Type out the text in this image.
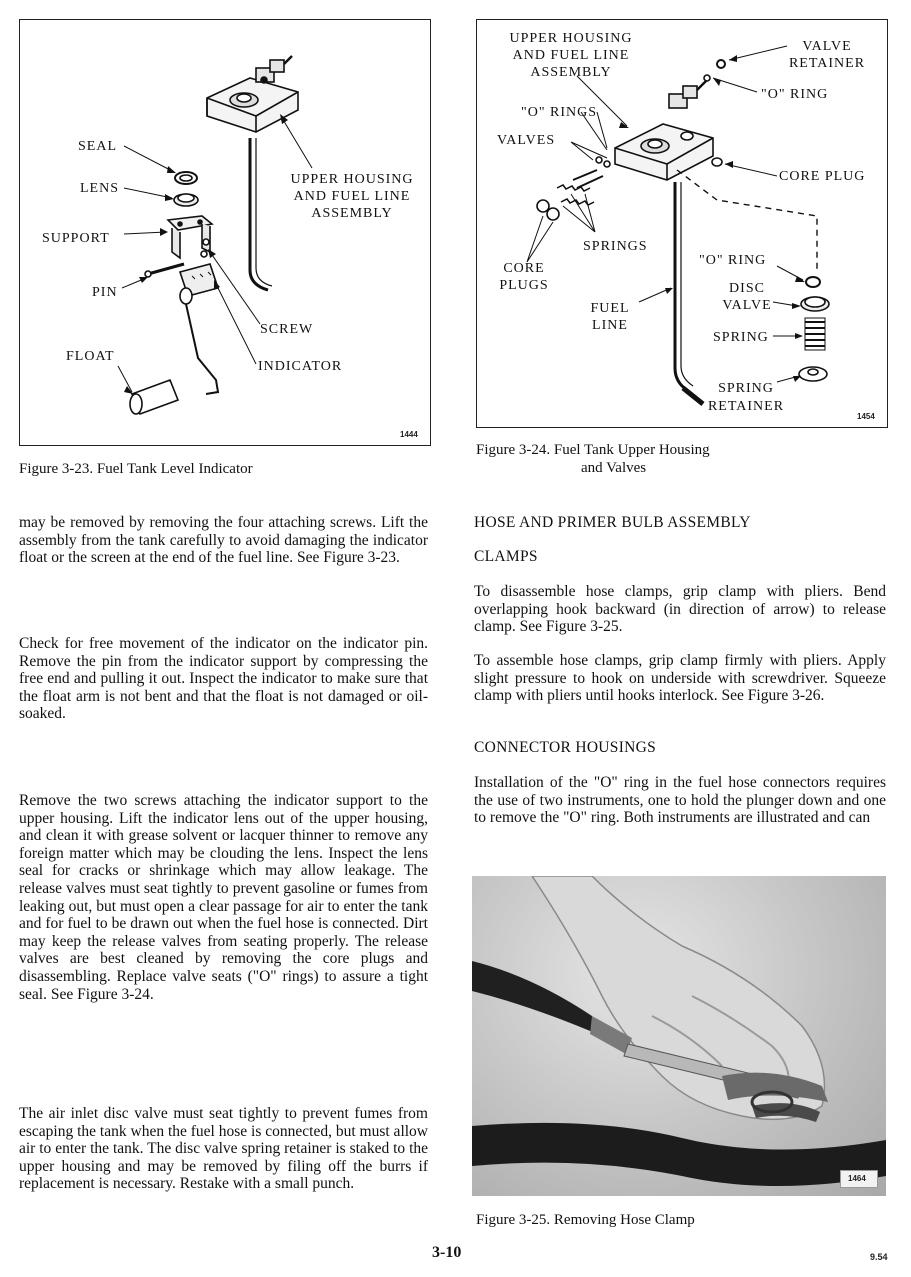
SEAL
LENS
SUPPORT
PIN
FLOAT
UPPER HOUSING
AND FUEL LINE
ASSEMBLY
SCREW
INDICATOR
1444
Figure 3-23. Fuel Tank Level Indicator
UPPER HOUSING
AND FUEL LINE
ASSEMBLY
VALVE
RETAINER
"O" RING
"O" RINGS
VALVES
CORE PLUG
SPRINGS
CORE
PLUGS
"O" RING
DISC
VALVE
FUEL
LINE
SPRING
SPRING
RETAINER
1454
Figure 3-24. Fuel Tank Upper Housing
and Valves
may be removed by removing the four attaching screws. Lift the assembly from the tank carefully to avoid damaging the indicator float or the screen at the end of the fuel line. See Figure 3-23.
Check for free movement of the indicator on the indicator pin. Remove the pin from the indicator support by compressing the free end and pulling it out. Inspect the indicator to make sure that the float arm is not bent and that the float is not damaged or oil-soaked.
Remove the two screws attaching the indicator support to the upper housing. Lift the indicator lens out of the upper housing, and clean it with grease solvent or lacquer thinner to remove any foreign matter which may be clouding the lens. Inspect the lens seal for cracks or shrinkage which may allow leakage. The release valves must seat tightly to prevent gasoline or fumes from leaking out, but must open a clear passage for air to enter the tank and for fuel to be drawn out when the fuel hose is connected. Dirt may keep the release valves from seating properly. The release valves are best cleaned by removing the core plugs and disassembling. Replace valve seats ("O" rings) to assure a tight seal. See Figure 3-24.
The air inlet disc valve must seat tightly to prevent fumes from escaping the tank when the fuel hose is connected, but must allow air to enter the tank. The disc valve spring retainer is staked to the upper housing and may be removed by filing off the burrs if replacement is necessary. Restake with a small punch.
HOSE AND PRIMER BULB ASSEMBLY
CLAMPS
To disassemble hose clamps, grip clamp with pliers. Bend overlapping hook backward (in direction of arrow) to release clamp. See Figure 3-25.
To assemble hose clamps, grip clamp firmly with pliers. Apply slight pressure to hook on underside with screwdriver. Squeeze clamp with pliers until hooks interlock. See Figure 3-26.
CONNECTOR HOUSINGS
Installation of the "O" ring in the fuel hose connectors requires the use of two instruments, one to hold the plunger down and one to remove the "O" ring. Both instruments are illustrated and can
1464
Figure 3-25. Removing Hose Clamp
3-10	9.54
